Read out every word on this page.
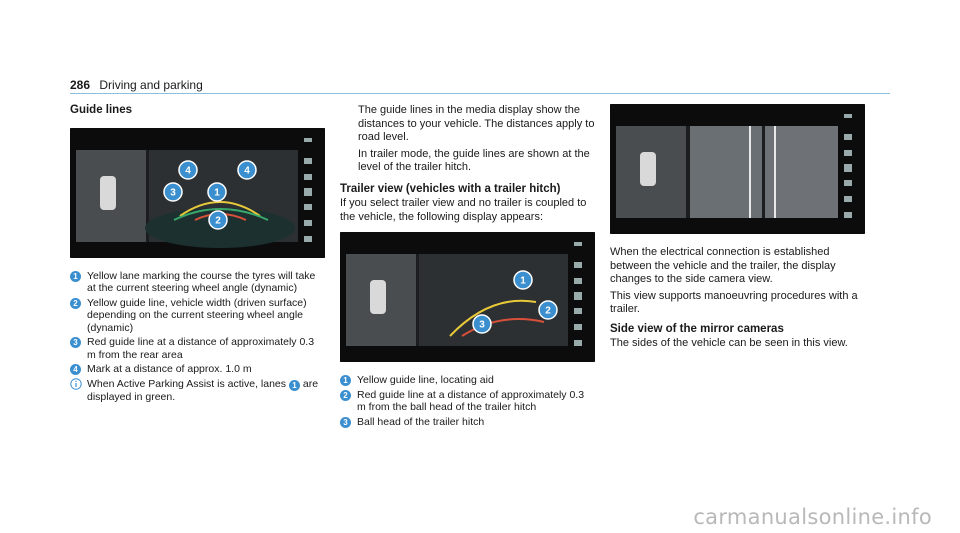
286 Driving and parking
Guide lines
1
2
3
4	4
1 Yellow lane marking the course the tyres will take at the current steering wheel angle (dynamic)
2 Yellow guide line, vehicle width (driven surface) depending on the current steering wheel angle (dynamic)
3 Red guide line at a distance of approximately 0.3 m from the rear area
4 Mark at a distance of approx. 1.0 m
When Active Parking Assist is active, lanes 1 are displayed in green.

The guide lines in the media display show the distances to your vehicle. The distances apply to road level.

In trailer mode, the guide lines are shown at the level of the trailer hitch.

Trailer view (vehicles with a trailer hitch)

If you select trailer view and no trailer is coupled to the vehicle, the following display appears:

1
2
3
1 Yellow guide line, locating aid
2 Red guide line at a distance of approximately 0.3 m from the ball head of the trailer hitch
3 Ball head of the trailer hitch

When the electrical connection is established between the vehicle and the trailer, the display changes to the side camera view.

This view supports manoeuvring procedures with a trailer.

Side view of the mirror cameras

The sides of the vehicle can be seen in this view.

carmanualsonline.info
